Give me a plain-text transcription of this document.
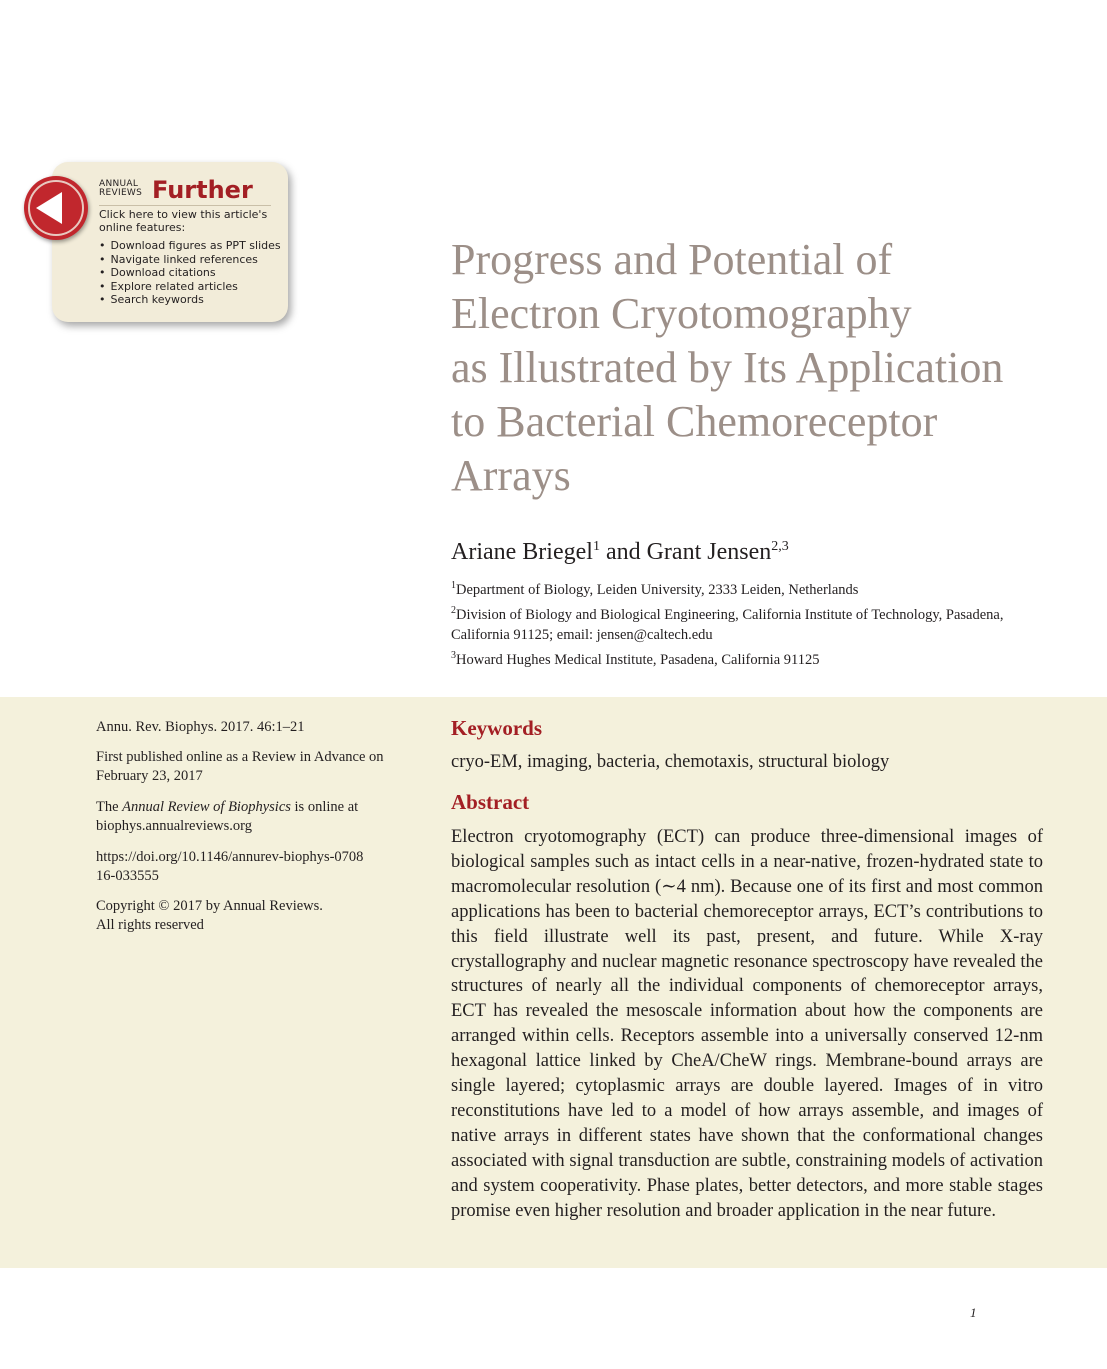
ANNUAL
REVIEWS Further
Click here to view this article's online features:
• Download figures as PPT slides
• Navigate linked references
• Download citations
• Explore related articles
• Search keywords
Progress and Potential of
Electron Cryotomography
as Illustrated by Its Application
to Bacterial Chemoreceptor
Arrays
Ariane Briegel$^1$ and Grant Jensen$^{2,3}$
$^1$Department of Biology, Leiden University, 2333 Leiden, Netherlands
$^2$Division of Biology and Biological Engineering, California Institute of Technology, Pasadena, California 91125; email: jensen@caltech.edu
$^3$Howard Hughes Medical Institute, Pasadena, California 91125
Annu. Rev. Biophys. 2017. 46:1–21
First published online as a Review in Advance on February 23, 2017
The Annual Review of Biophysics is online at biophys.annualreviews.org
https://doi.org/10.1146/annurev-biophys-070816-033555
Copyright © 2017 by Annual Reviews.
All rights reserved
Keywords
cryo-EM, imaging, bacteria, chemotaxis, structural biology
Abstract

Electron cryotomography (ECT) can produce three-dimensional images of biological samples such as intact cells in a near-native, frozen-hydrated state to macromolecular resolution (∼4 nm). Because one of its first and most common applications has been to bacterial chemoreceptor arrays, ECT’s contributions to this field illustrate well its past, present, and future. While X-ray crystallography and nuclear magnetic resonance spectroscopy have revealed the structures of nearly all the individual components of chemoreceptor arrays, ECT has revealed the mesoscale information about how the components are arranged within cells. Receptors assemble into a universally conserved 12-nm hexagonal lattice linked by CheA/CheW rings. Membrane-bound arrays are single layered; cytoplasmic arrays are double layered. Images of in vitro reconstitutions have led to a model of how arrays assemble, and images of native arrays in different states have shown that the conformational changes associated with signal transduction are subtle, constraining models of activation and system cooperativity. Phase plates, better detectors, and more stable stages promise even higher resolution and broader application in the near future.

1
